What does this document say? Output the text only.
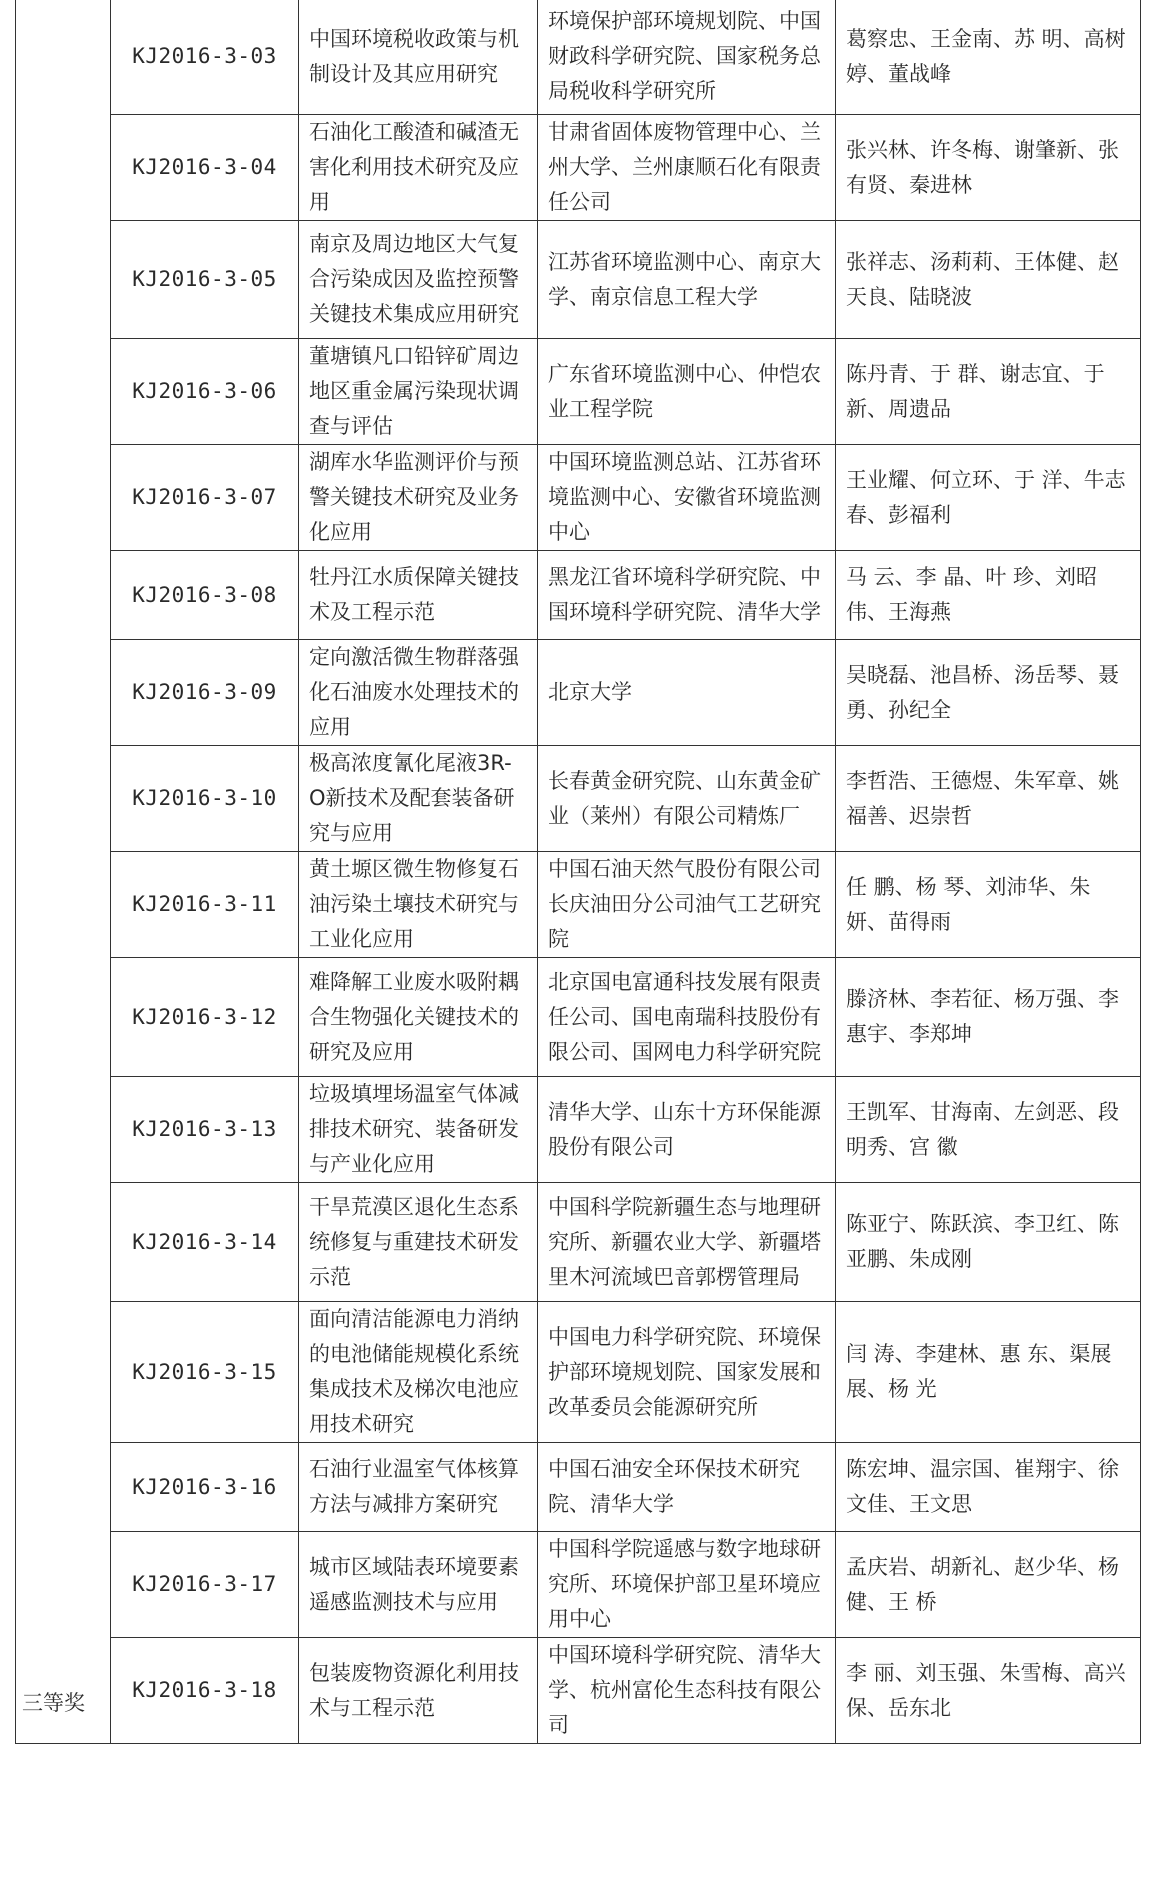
三等奖	KJ2016-3-03	中国环境税收政策与机制设计及其应用研究	环境保护部环境规划院、中国财政科学研究院、国家税务总局税收科学研究所	葛察忠、王金南、苏 明、高树婷、董战峰
	KJ2016-3-04	石油化工酸渣和碱渣无害化利用技术研究及应用	甘肃省固体废物管理中心、兰州大学、兰州康顺石化有限责任公司	张兴林、许冬梅、谢肇新、张有贤、秦进林
	KJ2016-3-05	南京及周边地区大气复合污染成因及监控预警关键技术集成应用研究	江苏省环境监测中心、南京大学、南京信息工程大学	张祥志、汤莉莉、王体健、赵天良、陆晓波
	KJ2016-3-06	董塘镇凡口铅锌矿周边地区重金属污染现状调查与评估	广东省环境监测中心、仲恺农业工程学院	陈丹青、于 群、谢志宜、于 新、周遗品
	KJ2016-3-07	湖库水华监测评价与预警关键技术研究及业务化应用	中国环境监测总站、江苏省环境监测中心、安徽省环境监测中心	王业耀、何立环、于 洋、牛志春、彭福利
	KJ2016-3-08	牡丹江水质保障关键技术及工程示范	黑龙江省环境科学研究院、中国环境科学研究院、清华大学	马 云、李 晶、叶 珍、刘昭伟、王海燕
	KJ2016-3-09	定向激活微生物群落强化石油废水处理技术的应用	北京大学	吴晓磊、池昌桥、汤岳琴、聂 勇、孙纪全
	KJ2016-3-10	极高浓度氰化尾液3R-O新技术及配套装备研究与应用	长春黄金研究院、山东黄金矿业（莱州）有限公司精炼厂	李哲浩、王德煜、朱军章、姚福善、迟崇哲
	KJ2016-3-11	黄土塬区微生物修复石油污染土壤技术研究与工业化应用	中国石油天然气股份有限公司长庆油田分公司油气工艺研究院	任 鹏、杨 琴、刘沛华、朱 妍、苗得雨
	KJ2016-3-12	难降解工业废水吸附耦合生物强化关键技术的研究及应用	北京国电富通科技发展有限责任公司、国电南瑞科技股份有限公司、国网电力科学研究院	滕济林、李若征、杨万强、李惠宇、李郑坤
	KJ2016-3-13	垃圾填埋场温室气体减排技术研究、装备研发与产业化应用	清华大学、山东十方环保能源股份有限公司	王凯军、甘海南、左剑恶、段明秀、宫 徽
	KJ2016-3-14	干旱荒漠区退化生态系统修复与重建技术研发示范	中国科学院新疆生态与地理研究所、新疆农业大学、新疆塔里木河流域巴音郭楞管理局	陈亚宁、陈跃滨、李卫红、陈亚鹏、朱成刚
	KJ2016-3-15	面向清洁能源电力消纳的电池储能规模化系统集成技术及梯次电池应用技术研究	中国电力科学研究院、环境保护部环境规划院、国家发展和改革委员会能源研究所	闫 涛、李建林、惠 东、渠展展、杨 光
	KJ2016-3-16	石油行业温室气体核算方法与减排方案研究	中国石油安全环保技术研究院、清华大学	陈宏坤、温宗国、崔翔宇、徐文佳、王文思
	KJ2016-3-17	城市区域陆表环境要素遥感监测技术与应用	中国科学院遥感与数字地球研究所、环境保护部卫星环境应用中心	孟庆岩、胡新礼、赵少华、杨 健、王 桥
	KJ2016-3-18	包装废物资源化利用技术与工程示范	中国环境科学研究院、清华大学、杭州富伦生态科技有限公司	李 丽、刘玉强、朱雪梅、高兴保、岳东北
